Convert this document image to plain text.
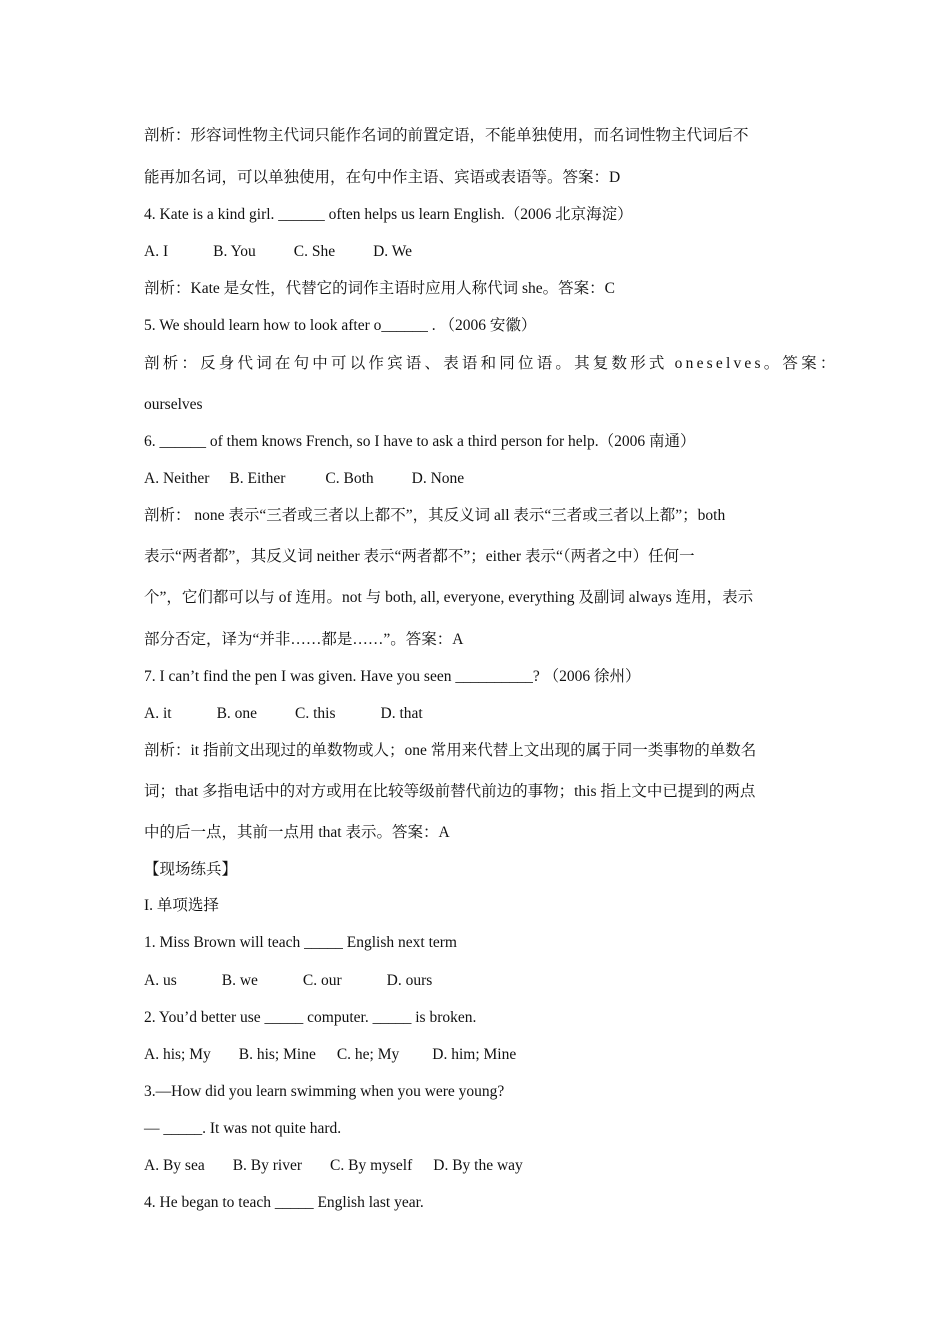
剖析：形容词性物主代词只能作名词的前置定语，不能单独使用，而名词性物主代词后不
能再加名词，可以单独使用，在句中作主语、宾语或表语等。答案：D
4. Kate is a kind girl. ______ often helps us learn English.（2006 北京海淀）
A. I	B. You C. She D. We
剖析：Kate 是女性，代替它的词作主语时应用人称代词 she。答案：C
5. We should learn how to look after o______ . （2006 安徽）
剖析：反身代词在句中可以作宾语、表语和同位语。其复数形式 oneselves。答案：
ourselves
6. ______ of them knows French, so I have to ask a third person for help.（2006 南通）
A. Neither B. Either	C. Both D. None
剖析： none 表示“三者或三者以上都不”，其反义词 all 表示“三者或三者以上都”；both
表示“两者都”，其反义词 neither 表示“两者都不”；either 表示“（两者之中）任何一
个”，它们都可以与 of 连用。not 与 both, all, everyone, everything 及副词 always 连用，表示
部分否定，译为“并非……都是……”。答案：A
7. I can’t find the pen I was given. Have you seen __________? （2006 徐州）
A. it	B. one C. this	D. that
剖析：it 指前文出现过的单数物或人；one 常用来代替上文出现的属于同一类事物的单数名
词；that 多指电话中的对方或用在比较等级前替代前边的事物；this 指上文中已提到的两点
中的后一点，其前一点用 that 表示。答案：A
【现场练兵】
I. 单项选择
1. Miss Brown will teach _____ English next term
A. us	B. we	C. our	D. ours
2. You’d better use _____ computer. _____ is broken.
A. his; My B. his; Mine C. he; My D. him; Mine
3.—How did you learn swimming when you were young?
— _____. It was not quite hard.
A. By sea B. By river C. By myself D. By the way
4. He began to teach _____ English last year.
